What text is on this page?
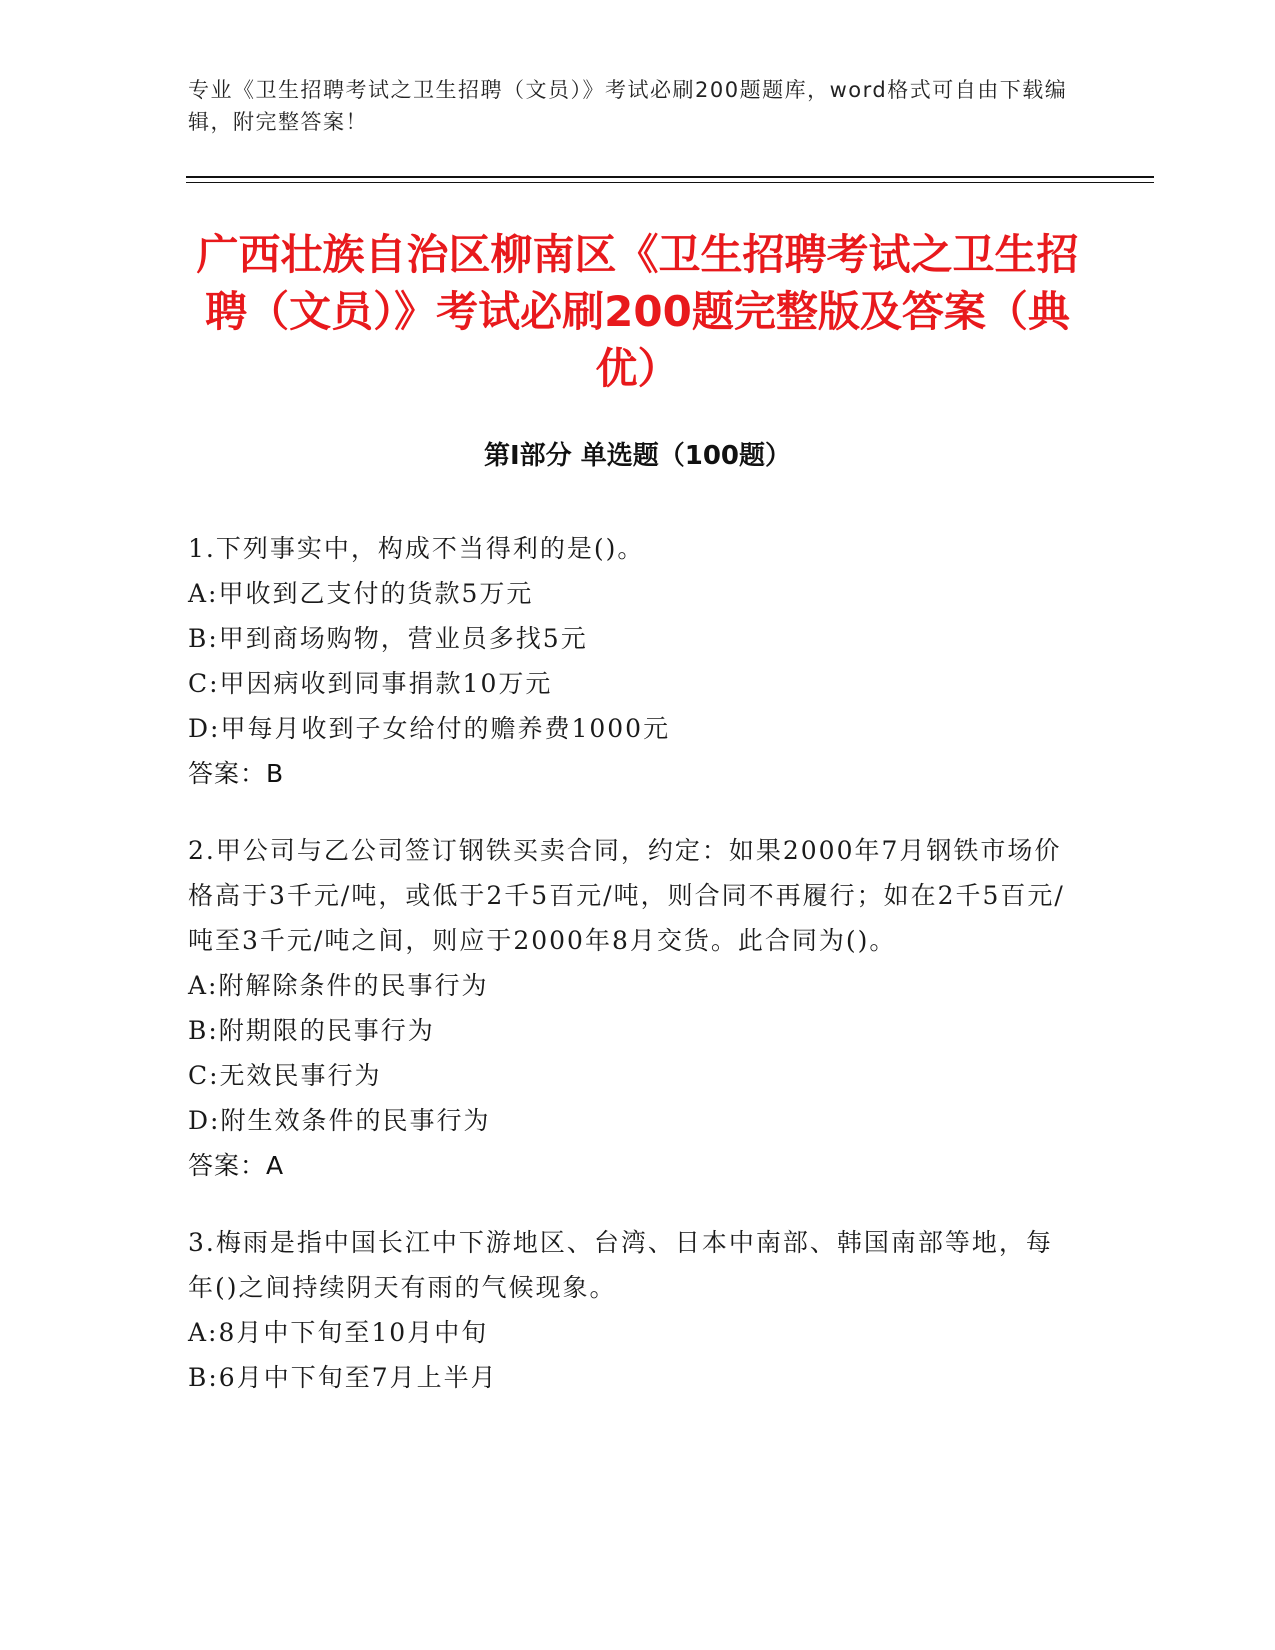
专业《卫生招聘考试之卫生招聘（文员）》考试必刷200题题库，word格式可自由下载编辑，附完整答案！

广西壮族自治区柳南区《卫生招聘考试之卫生招聘（文员）》考试必刷200题完整版及答案（典优）
第I部分 单选题（100题）

1.下列事实中，构成不当得利的是()。

A:甲收到乙支付的货款5万元

B:甲到商场购物，营业员多找5元

C:甲因病收到同事捐款10万元

D:甲每月收到子女给付的赡养费1000元

答案：B

2.甲公司与乙公司签订钢铁买卖合同，约定：如果2000年7月钢铁市场价格高于3千元/吨，或低于2千5百元/吨，则合同不再履行；如在2千5百元/吨至3千元/吨之间，则应于2000年8月交货。此合同为()。

A:附解除条件的民事行为

B:附期限的民事行为

C:无效民事行为

D:附生效条件的民事行为

答案：A

3.梅雨是指中国长江中下游地区、台湾、日本中南部、韩国南部等地，每年()之间持续阴天有雨的气候现象。

A:8月中下旬至10月中旬

B:6月中下旬至7月上半月
